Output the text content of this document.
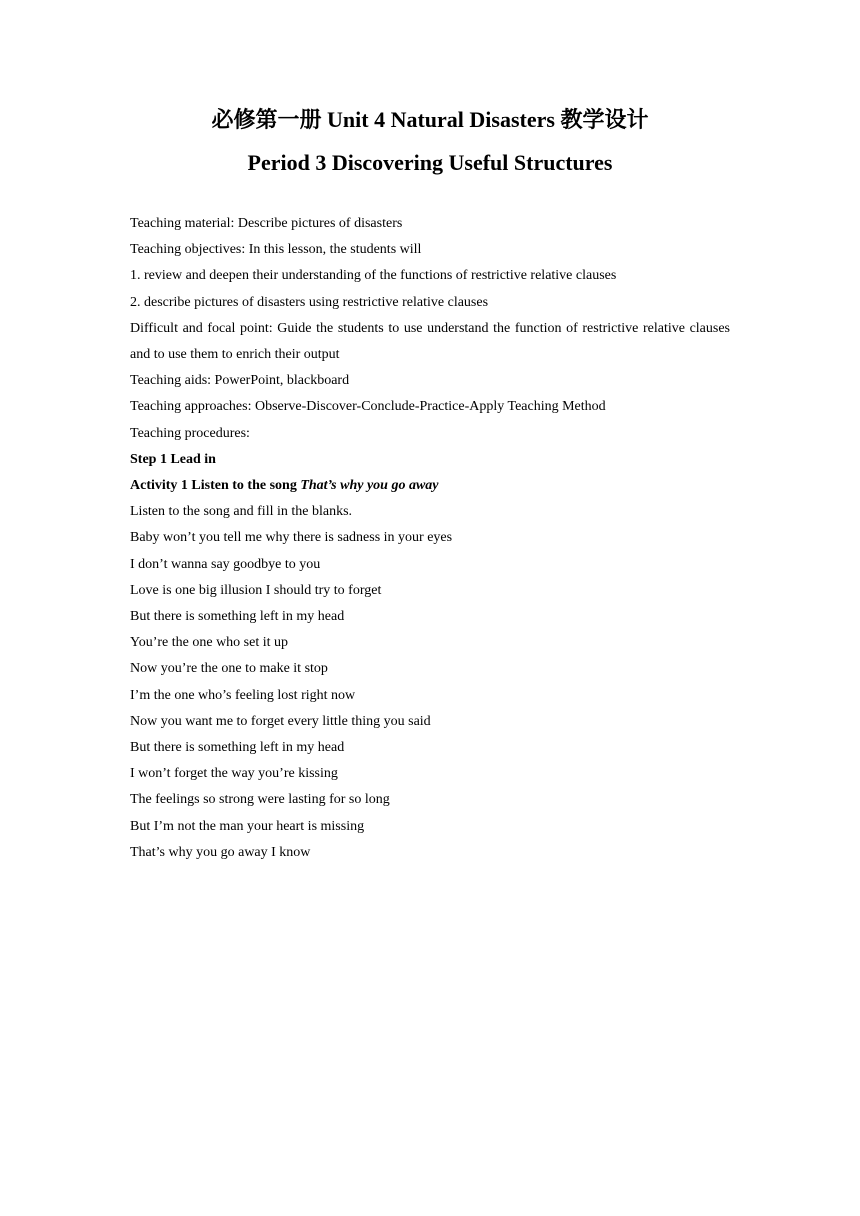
必修第一册 Unit 4 Natural Disasters 教学设计
Period 3 Discovering Useful Structures
Teaching material: Describe pictures of disasters
Teaching objectives: In this lesson, the students will
1. review and deepen their understanding of the functions of restrictive relative clauses
2. describe pictures of disasters using restrictive relative clauses
Difficult and focal point: Guide the students to use understand the function of restrictive relative clauses and to use them to enrich their output
Teaching aids: PowerPoint, blackboard
Teaching approaches: Observe-Discover-Conclude-Practice-Apply Teaching Method
Teaching procedures:
Step 1 Lead in
Activity 1 Listen to the song That’s why you go away
Listen to the song and fill in the blanks.
Baby won’t you tell me why there is sadness in your eyes
I don’t wanna say goodbye to you
Love is one big illusion I should try to forget
But there is something left in my head
You’re the one who set it up
Now you’re the one to make it stop
I’m the one who’s feeling lost right now
Now you want me to forget every little thing you said
But there is something left in my head
I won’t forget the way you’re kissing
The feelings so strong were lasting for so long
But I’m not the man your heart is missing
That’s why you go away I know
